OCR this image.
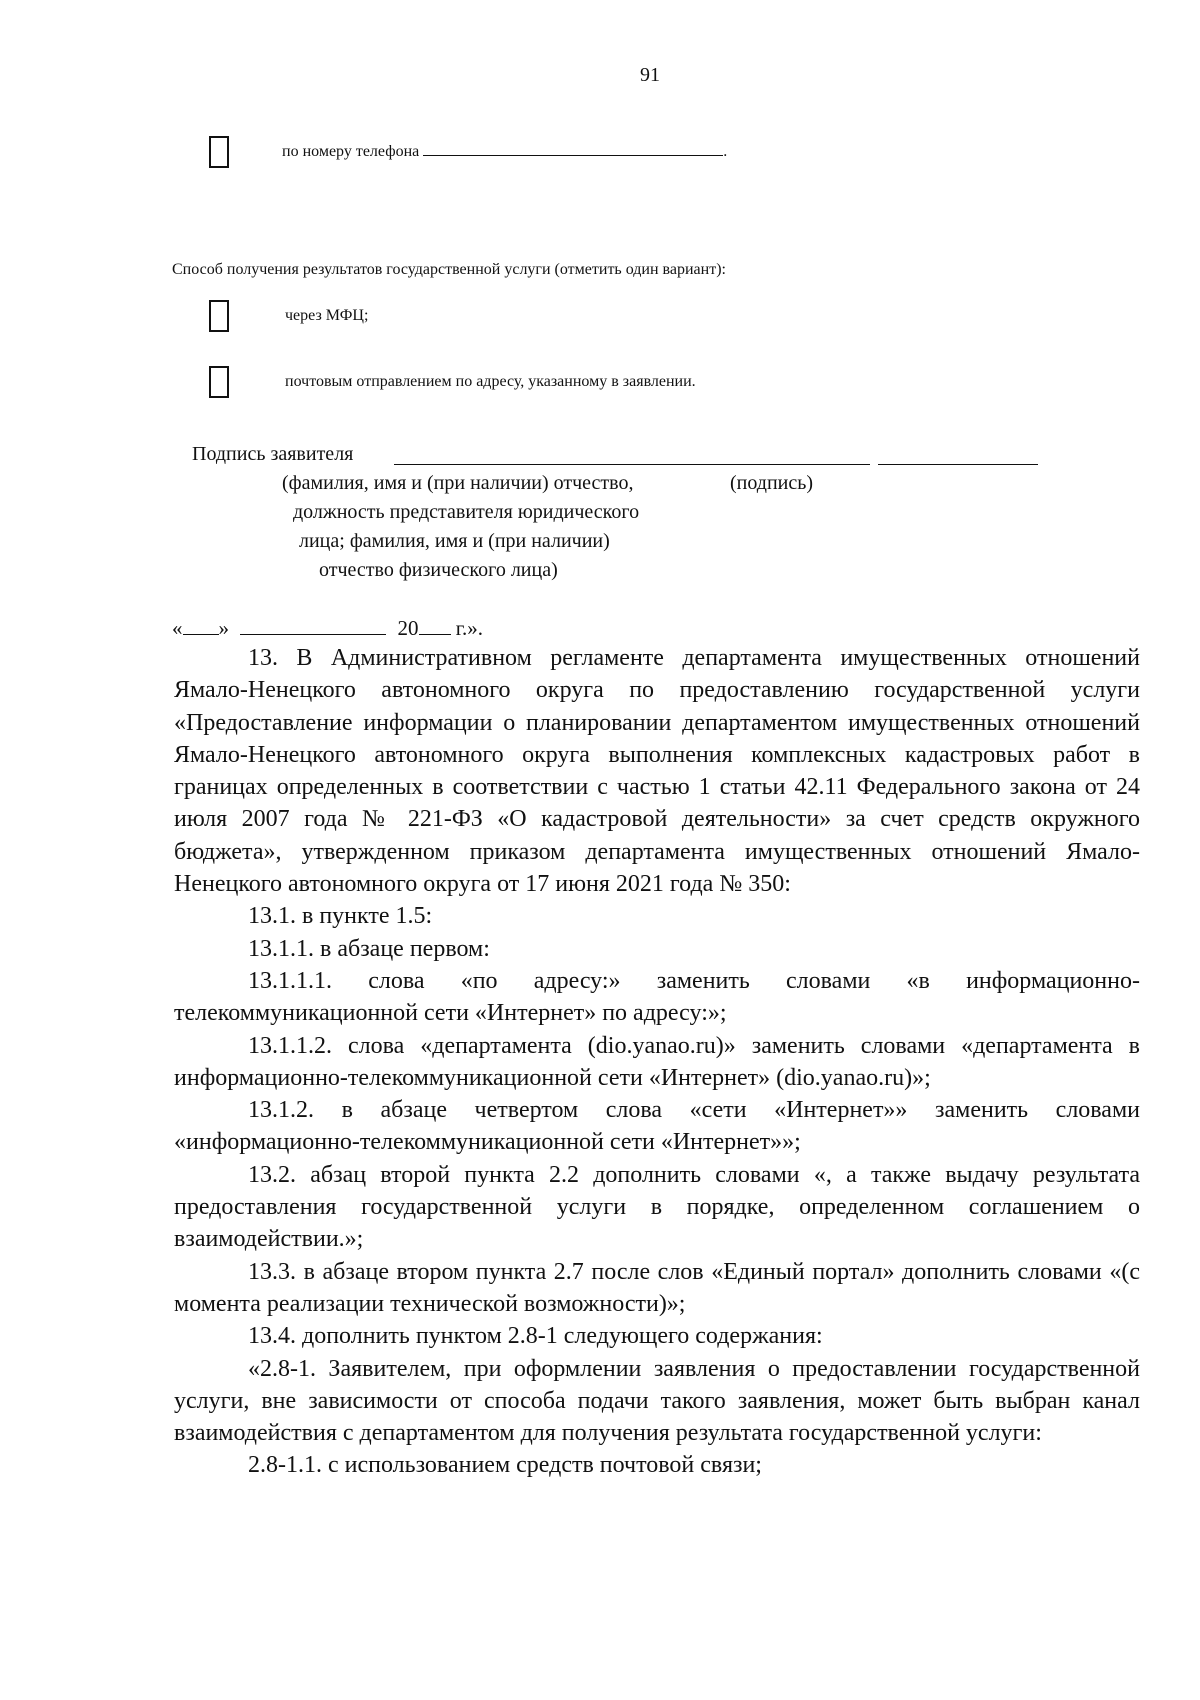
91
по номеру телефона	.
Способ получения результатов государственной услуги (отметить один вариант):
через МФЦ;
почтовым отправлением по адресу, указанному в заявлении.
Подпись заявителя
(фамилия, имя и (при наличии) отчество,	(подпись)
должность представителя юридического
лица; фамилия, имя и (при наличии)
отчество физического лица)
« »	20 г.».

13. В Административном регламенте департамента имущественных отношений Ямало-Ненецкого автономного округа по предоставлению государственной услуги «Предоставление информации о планировании департаментом имущественных отношений Ямало-Ненецкого автономного округа выполнения комплексных кадастровых работ в границах определенных в соответствии с частью 1 статьи 42.11 Федерального закона от 24 июля 2007 года № 221-ФЗ «О кадастровой деятельности» за счет средств окружного бюджета», утвержденном приказом департамента имущественных отношений Ямало-Ненецкого автономного округа от 17 июня 2021 года № 350:

13.1. в пункте 1.5:

13.1.1. в абзаце первом:

13.1.1.1. слова «по адресу:» заменить словами «в информационно-телекоммуникационной сети «Интернет» по адресу:»;

13.1.1.2. слова «департамента (dio.yanao.ru)» заменить словами «департамента в информационно-телекоммуникационной сети «Интернет» (dio.yanao.ru)»;

13.1.2. в абзаце четвертом слова «сети «Интернет»» заменить словами «информационно-телекоммуникационной сети «Интернет»»;

13.2. абзац второй пункта 2.2 дополнить словами «, а также выдачу результата предоставления государственной услуги в порядке, определенном соглашением о взаимодействии.»;

13.3. в абзаце втором пункта 2.7 после слов «Единый портал» дополнить словами «(с момента реализации технической возможности)»;

13.4. дополнить пунктом 2.8-1 следующего содержания:

«2.8-1. Заявителем, при оформлении заявления о предоставлении государственной услуги, вне зависимости от способа подачи такого заявления, может быть выбран канал взаимодействия с департаментом для получения результата государственной услуги:

2.8-1.1. с использованием средств почтовой связи;
